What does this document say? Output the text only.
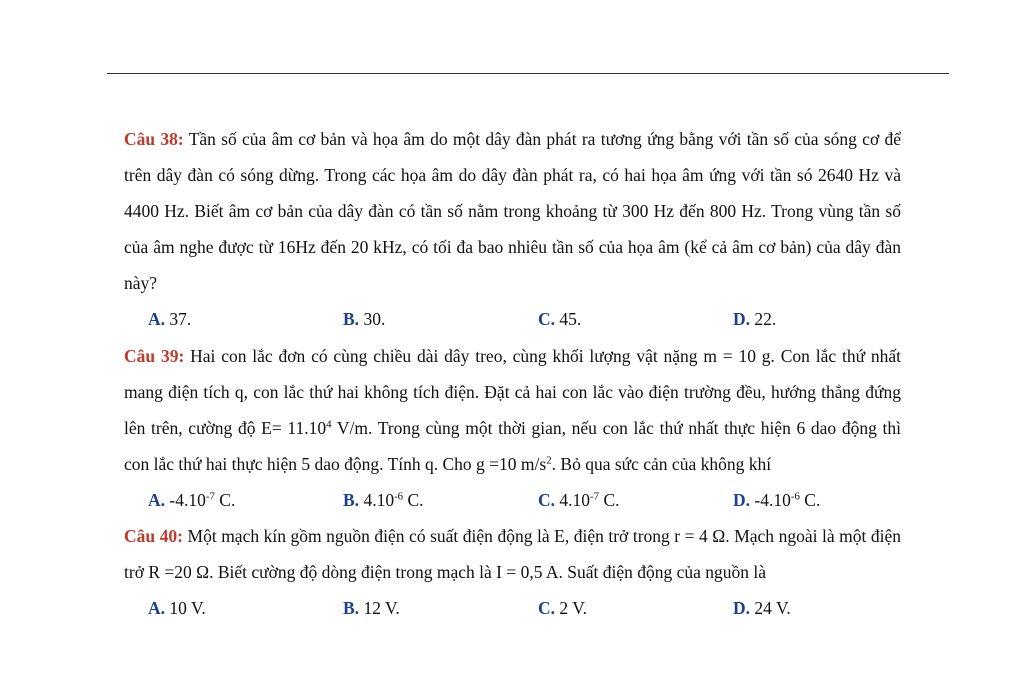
Câu 38: Tần số của âm cơ bản và họa âm do một dây đàn phát ra tương ứng bằng với tần số của sóng cơ để trên dây đàn có sóng dừng. Trong các họa âm do dây đàn phát ra, có hai họa âm ứng với tần só 2640 Hz và 4400 Hz. Biết âm cơ bản của dây đàn có tần số nằm trong khoảng từ 300 Hz đến 800 Hz. Trong vùng tần số của âm nghe được từ 16Hz đến 20 kHz, có tối đa bao nhiêu tần số của họa âm (kể cả âm cơ bản) của dây đàn này?

A. 37.	B. 30.	C. 45.	D. 22.

Câu 39: Hai con lắc đơn có cùng chiều dài dây treo, cùng khối lượng vật nặng m = 10 g. Con lắc thứ nhất mang điện tích q, con lắc thứ hai không tích điện. Đặt cả hai con lắc vào điện trường đều, hướng thẳng đứng lên trên, cường độ $E= 11.10^4$ V/m. Trong cùng một thời gian, nếu con lắc thứ nhất thực hiện 6 dao động thì con lắc thứ hai thực hiện 5 dao động. Tính q. Cho g =10 $m/s^2$. Bỏ qua sức cản của không khí

A. $-4.10^{-7}$ C.	B. $4.10^{-6}$ C.	C. $4.10^{-7}$ C.	D. $-4.10^{-6}$ C.

Câu 40: Một mạch kín gồm nguồn điện có suất điện động là E, điện trở trong r = 4 Ω. Mạch ngoài là một điện trở R =20 Ω. Biết cường độ dòng điện trong mạch là I = 0,5 A. Suất điện động của nguồn là

A. 10 V.	B. 12 V.	C. 2 V.	D. 24 V.
